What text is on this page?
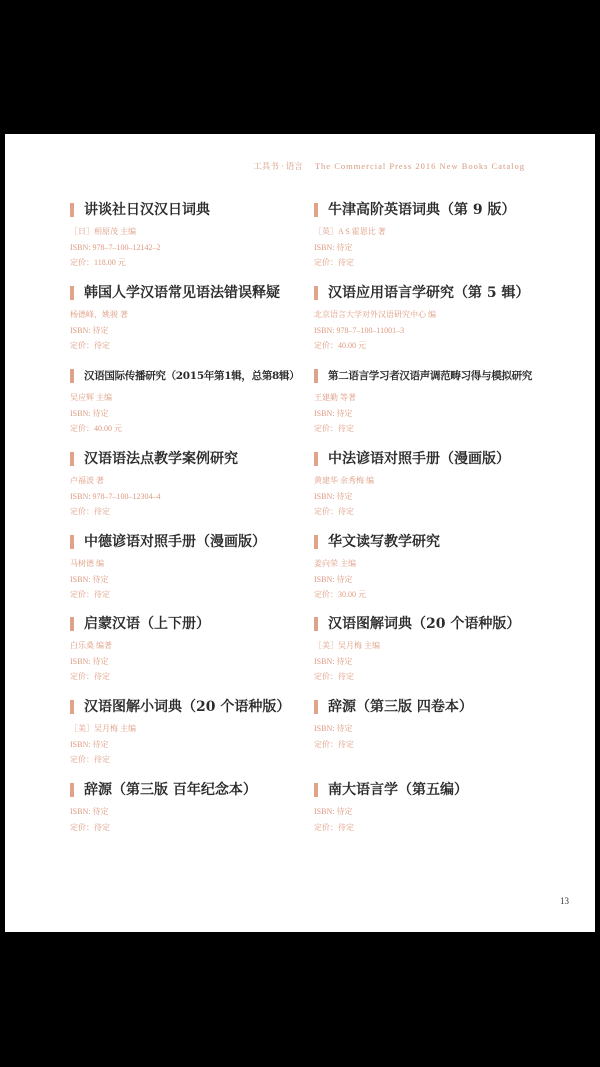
工具书 · 语言 The Commercial Press 2016 New Books Catalog
讲谈社日汉汉日词典
［日］相原茂 主编
ISBN: 978–7–100–12142–2
定价：118.00 元
韩国人学汉语常见语法错误释疑
杨德峰，姚骏 著
ISBN: 待定
定价：待定
汉语国际传播研究（2015年第1辑，总第8辑）
吴应辉 主编
ISBN: 待定
定价：40.00 元
汉语语法点教学案例研究
卢福波 著
ISBN: 978–7–100–12304–4
定价：待定
中德谚语对照手册（漫画版）
马树德 编
ISBN: 待定
定价：待定
启蒙汉语（上下册）
白乐桑 编著
ISBN: 待定
定价：待定
汉语图解小词典（20 个语种版）
［美］吴月梅 主编
ISBN: 待定
定价：待定
辞源（第三版 百年纪念本）
ISBN: 待定
定价：待定
牛津高阶英语词典（第 9 版）
［英］A S 霍恩比 著
ISBN: 待定
定价：待定
汉语应用语言学研究（第 5 辑）
北京语言大学对外汉语研究中心 编
ISBN: 978–7–100–11001–3
定价：40.00 元
第二语言学习者汉语声调范畴习得与模拟研究
王建勤 等著
ISBN: 待定
定价：待定
中法谚语对照手册（漫画版）
黄建华 余秀梅 编
ISBN: 待定
定价：待定
华文读写教学研究
姜向荣 主编
ISBN: 待定
定价：30.00 元
汉语图解词典（20 个语种版）
［美］吴月梅 主编
ISBN: 待定
定价：待定
辞源（第三版 四卷本）
ISBN: 待定
定价：待定
南大语言学（第五编）
ISBN: 待定
定价：待定
13
